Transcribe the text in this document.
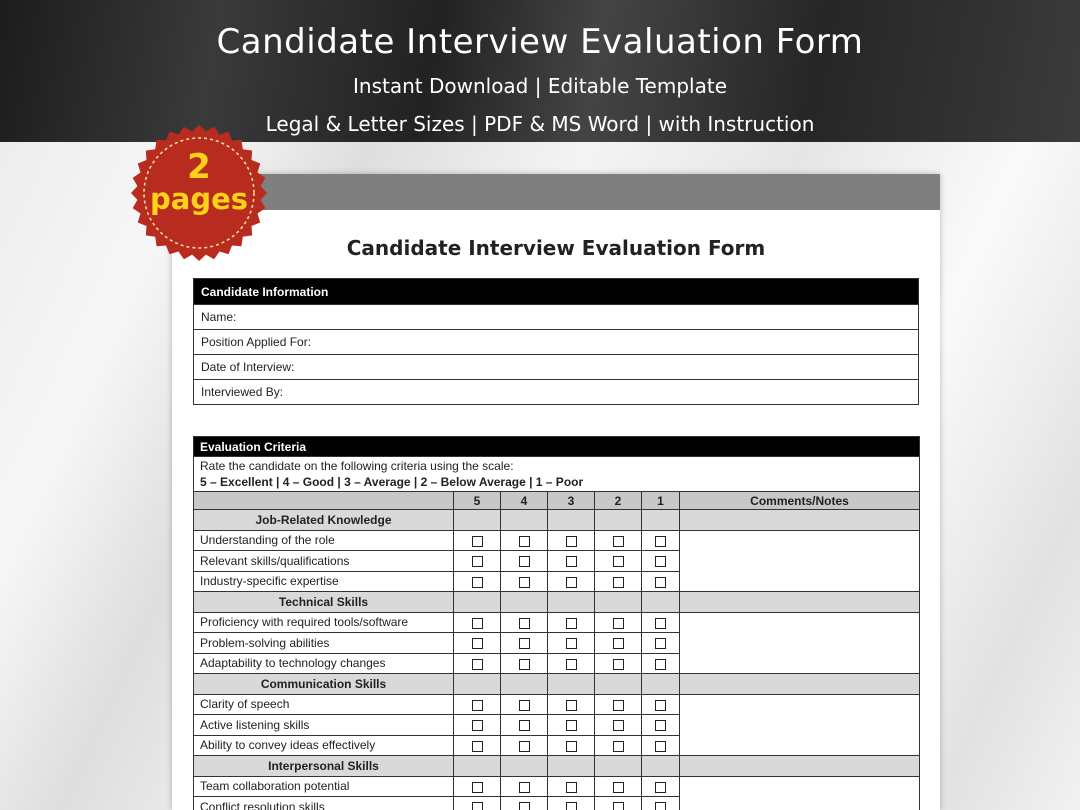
Candidate Interview Evaluation Form
Instant Download | Editable Template
Legal & Letter Sizes | PDF & MS Word | with Instruction
2
pages
Candidate Interview Evaluation Form
Candidate Information
Name:
Position Applied For:
Date of Interview:
Interviewed By:
Evaluation Criteria						

Rate the candidate on the following criteria using the scale:
5 – Excellent | 4 – Good | 3 – Average | 2 – Below Average | 1 – Poor						

	5	4	3	2	1	Comments/Notes
Job-Related Knowledge						
Understanding of the role						
Relevant skills/qualifications						
Industry-specific expertise						
Technical Skills						
Proficiency with required tools/software						
Problem-solving abilities						
Adaptability to technology changes						
Communication Skills						
Clarity of speech						
Active listening skills						
Ability to convey ideas effectively						
Interpersonal Skills						
Team collaboration potential						
Conflict resolution skills						
